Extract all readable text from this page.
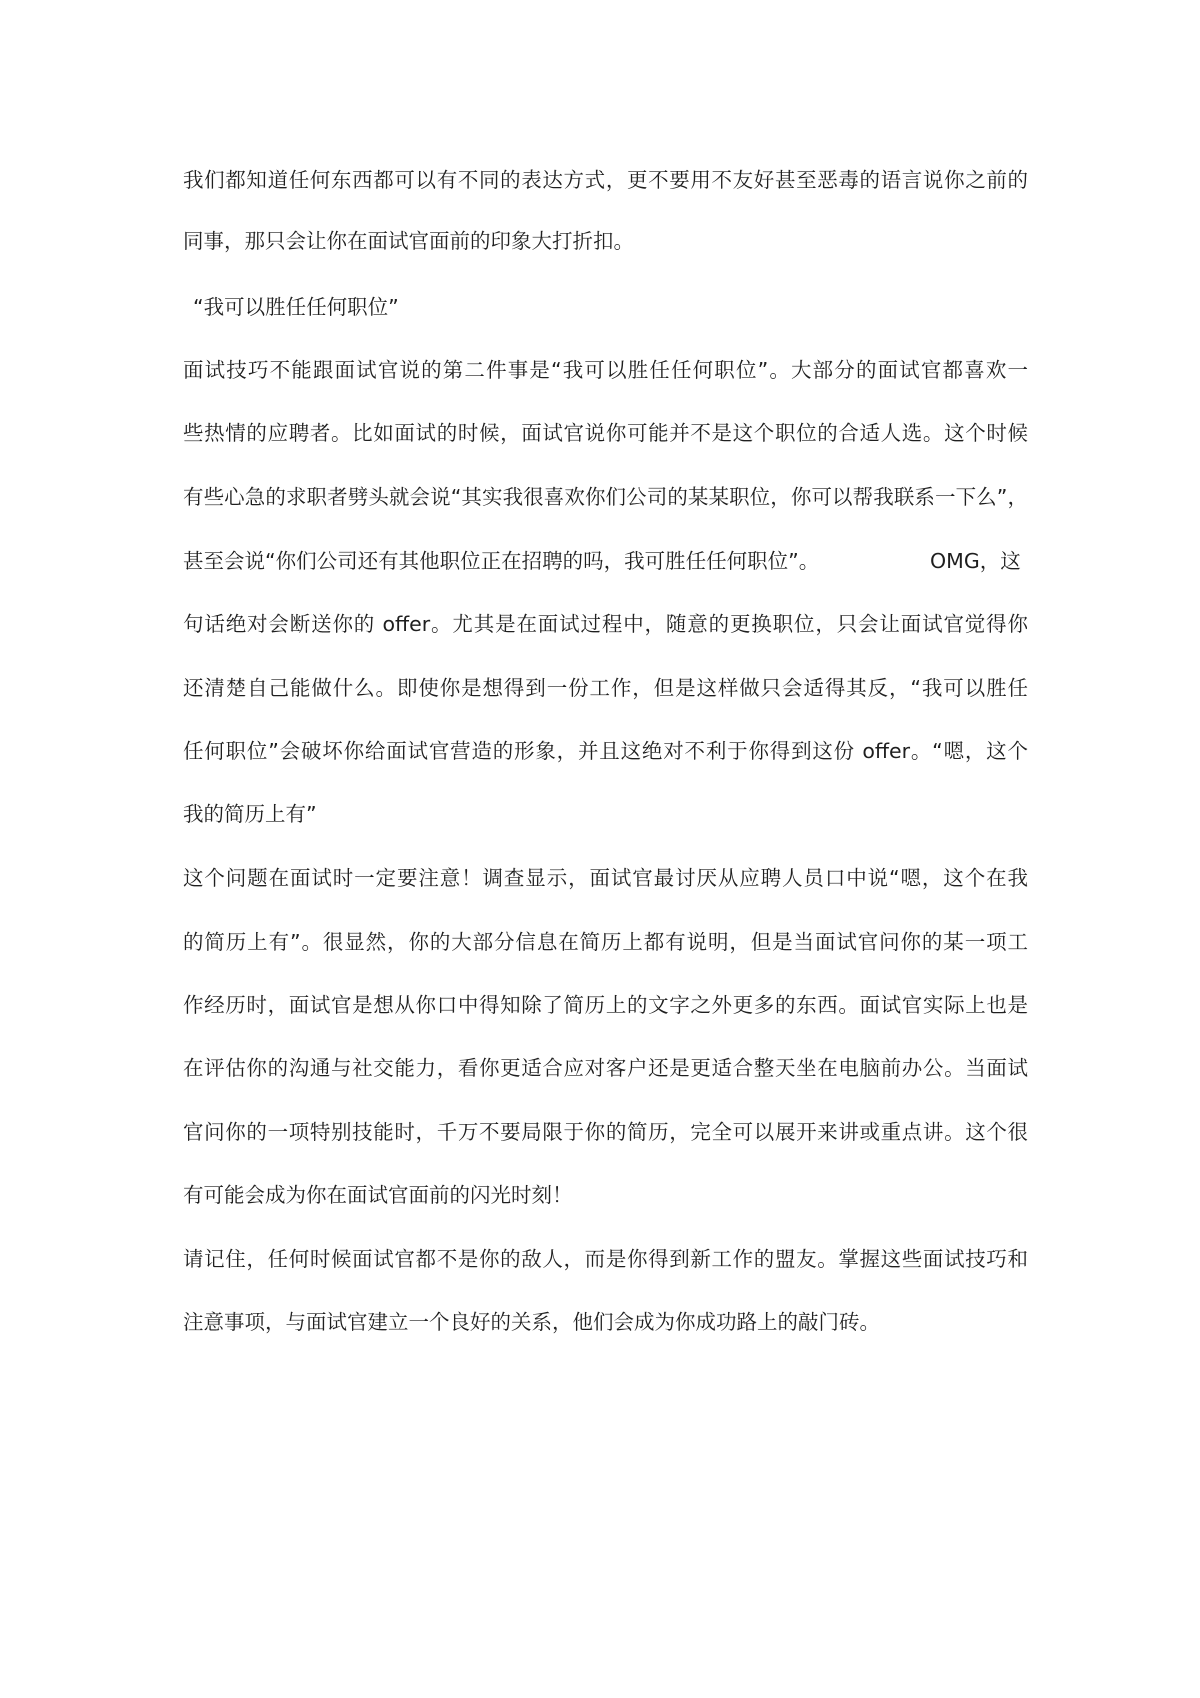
我们都知道任何东西都可以有不同的表达方式，更不要用不友好甚至恶毒的语言说你之前的

同事，那只会让你在面试官面前的印象大打折扣。

“我可以胜任任何职位”

面试技巧不能跟面试官说的第二件事是“我可以胜任任何职位”。大部分的面试官都喜欢一

些热情的应聘者。比如面试的时候，面试官说你可能并不是这个职位的合适人选。这个时候

有些心急的求职者劈头就会说“其实我很喜欢你们公司的某某职位，你可以帮我联系一下么”，

甚至会说“你们公司还有其他职位正在招聘的吗，我可胜任任何职位”。	OMG，这

句话绝对会断送你的 offer。尤其是在面试过程中，随意的更换职位，只会让面试官觉得你

还清楚自己能做什么。即使你是想得到一份工作，但是这样做只会适得其反，“我可以胜任

任何职位”会破坏你给面试官营造的形象，并且这绝对不利于你得到这份 offer。“嗯，这个

我的简历上有”

这个问题在面试时一定要注意！调查显示，面试官最讨厌从应聘人员口中说“嗯，这个在我

的简历上有”。很显然，你的大部分信息在简历上都有说明，但是当面试官问你的某一项工

作经历时，面试官是想从你口中得知除了简历上的文字之外更多的东西。面试官实际上也是

在评估你的沟通与社交能力，看你更适合应对客户还是更适合整天坐在电脑前办公。当面试

官问你的一项特别技能时，千万不要局限于你的简历，完全可以展开来讲或重点讲。这个很

有可能会成为你在面试官面前的闪光时刻！

请记住，任何时候面试官都不是你的敌人，而是你得到新工作的盟友。掌握这些面试技巧和

注意事项，与面试官建立一个良好的关系，他们会成为你成功路上的敲门砖。
